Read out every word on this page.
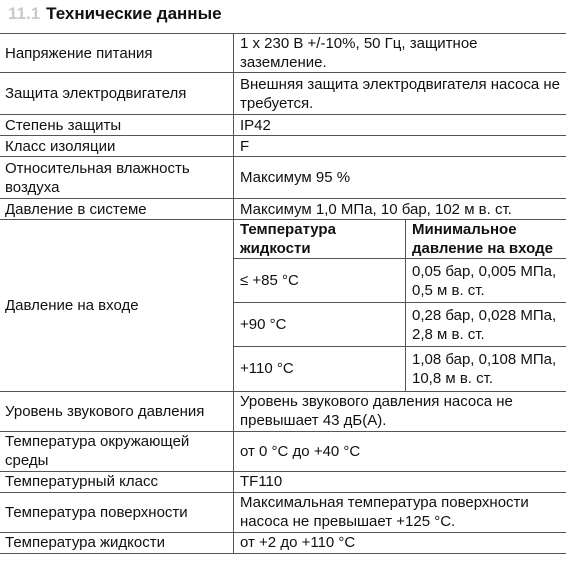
11.1 Технические данные
Напряжение питания	1 x 230 В +/-10%, 50 Гц, защитное заземление.
Защита электродвигателя	Внешняя защита электродвигателя насоса не требуется.
Степень защиты	IP42
Класс изоляции	F
Относительная влажность воздуха	Максимум 95 %
Давление в системе	Максимум 1,0 МПа, 10 бар, 102 м в. ст.
Давление на входе	
Температура жидкости	Минимальное давление на входе
≤ +85 °C	0,05 бар, 0,005 МПа, 0,5 м в. ст.
+90 °C	0,28 бар, 0,028 МПа, 2,8 м в. ст.
+110 °C	1,08 бар, 0,108 МПа, 10,8 м в. ст.

Уровень звукового давления	Уровень звукового давления насоса не превышает 43 дБ(А).
Температура окружающей среды	от 0 °C до +40 °C
Температурный класс	TF110
Температура поверхности	Максимальная температура поверхности насоса не превышает +125 °C.
Температура жидкости	от +2 до +110 °C
